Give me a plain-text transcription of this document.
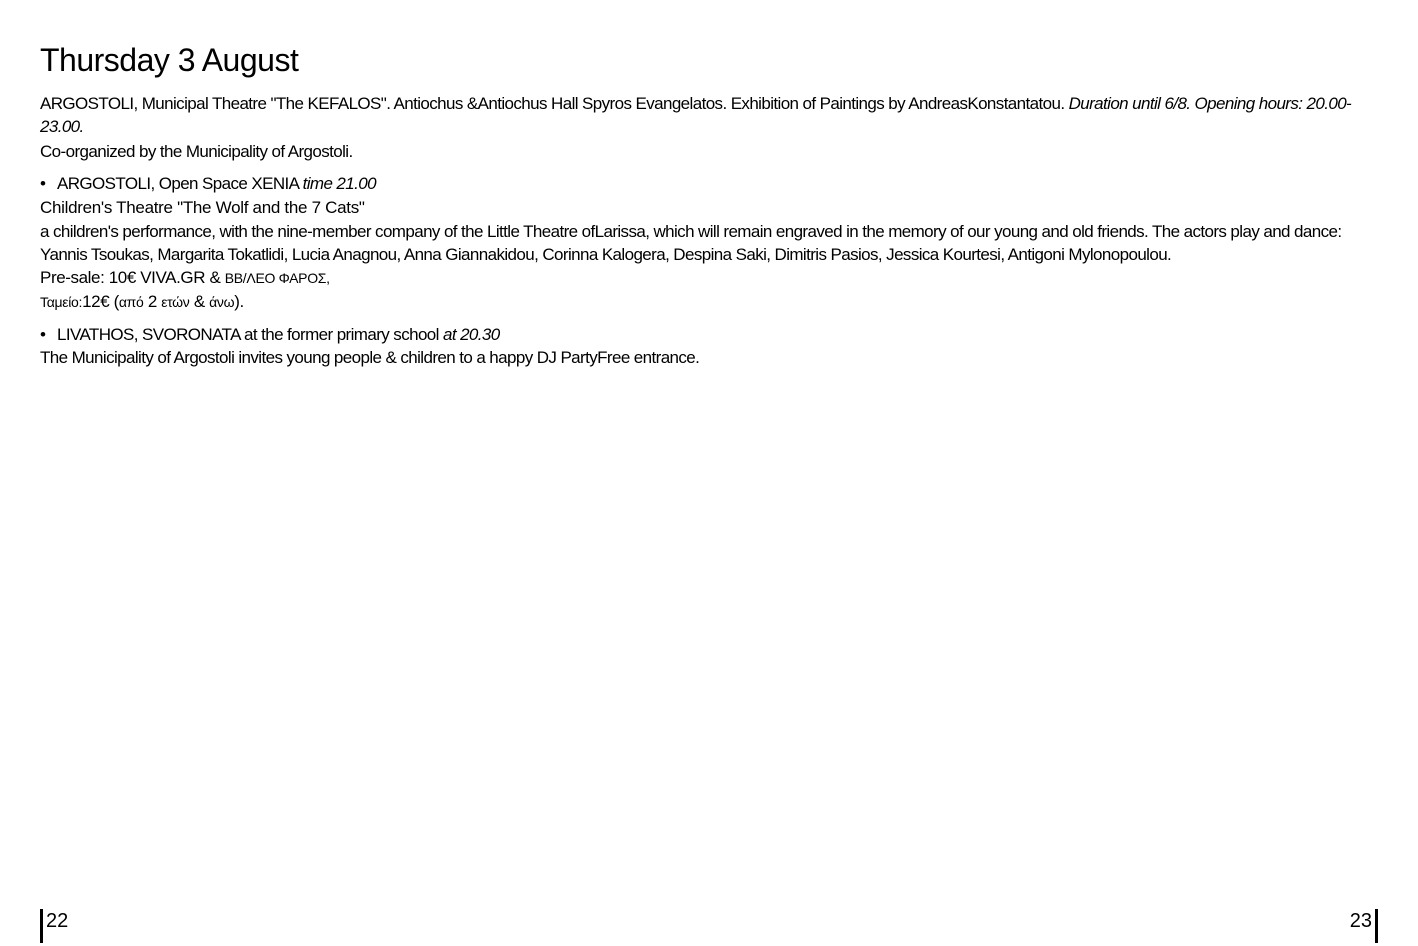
Thursday 3 August

ARGOSTOLI, Municipal Theatre "The KEFALOS". Antiochus &Antiochus Hall Spyros Evangelatos. Exhibition of Paintings by AndreasKonstantatou. Duration until 6/8. Opening hours: 20.00-23.00.

Co-organized by the Municipality of Argostoli.

• ARGOSTOLI, Open Space XENIA time 21.00
Children's Theatre "The Wolf and the 7 Cats"

a children's performance, with the nine-member company of the Little Theatre ofLarissa, which will remain engraved in the memory of our young and old friends. The actors play and dance: Yannis Tsoukas, Margarita Tokatlidi, Lucia Anagnou, Anna Giannakidou, Corinna Kalogera, Despina Saki, Dimitris Pasios, Jessica Kourtesi, Antigoni Mylonopoulou.

Pre-sale: 10€ VIVA.GR & ΒΒ/ΛΕΟ ΦΑΡΟΣ,

Ταμείο:12€ (από 2 ετών & άνω).

• LIVATHOS, SVORONATA at the former primary school at 20.30

The Municipality of Argostoli invites young people & children to a happy DJ PartyFree entrance.

22	23
